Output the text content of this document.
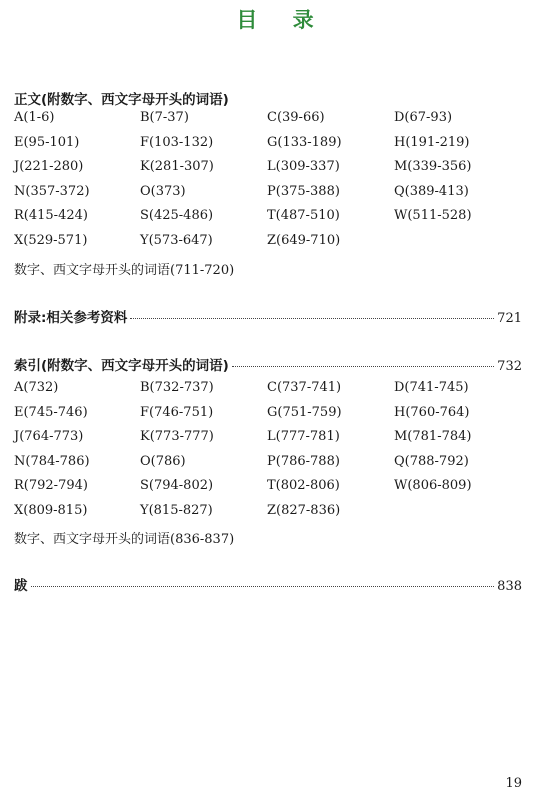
目 录
正文(附数字、西文字母开头的词语)
A(1-6)	B(7-37)	C(39-66)	D(67-93)
E(95-101)	F(103-132)	G(133-189)	H(191-219)
J(221-280)	K(281-307)	L(309-337)	M(339-356)
N(357-372)	O(373)	P(375-388)	Q(389-413)
R(415-424)	S(425-486)	T(487-510)	W(511-528)
X(529-571)	Y(573-647)	Z(649-710)
数字、西文字母开头的词语(711-720)
附录:相关参考资料	721
索引(附数字、西文字母开头的词语)	732
A(732)	B(732-737)	C(737-741)	D(741-745)
E(745-746)	F(746-751)	G(751-759)	H(760-764)
J(764-773)	K(773-777)	L(777-781)	M(781-784)
N(784-786)	O(786)	P(786-788)	Q(788-792)
R(792-794)	S(794-802)	T(802-806)	W(806-809)
X(809-815)	Y(815-827)	Z(827-836)
数字、西文字母开头的词语(836-837)
跋	838
19
